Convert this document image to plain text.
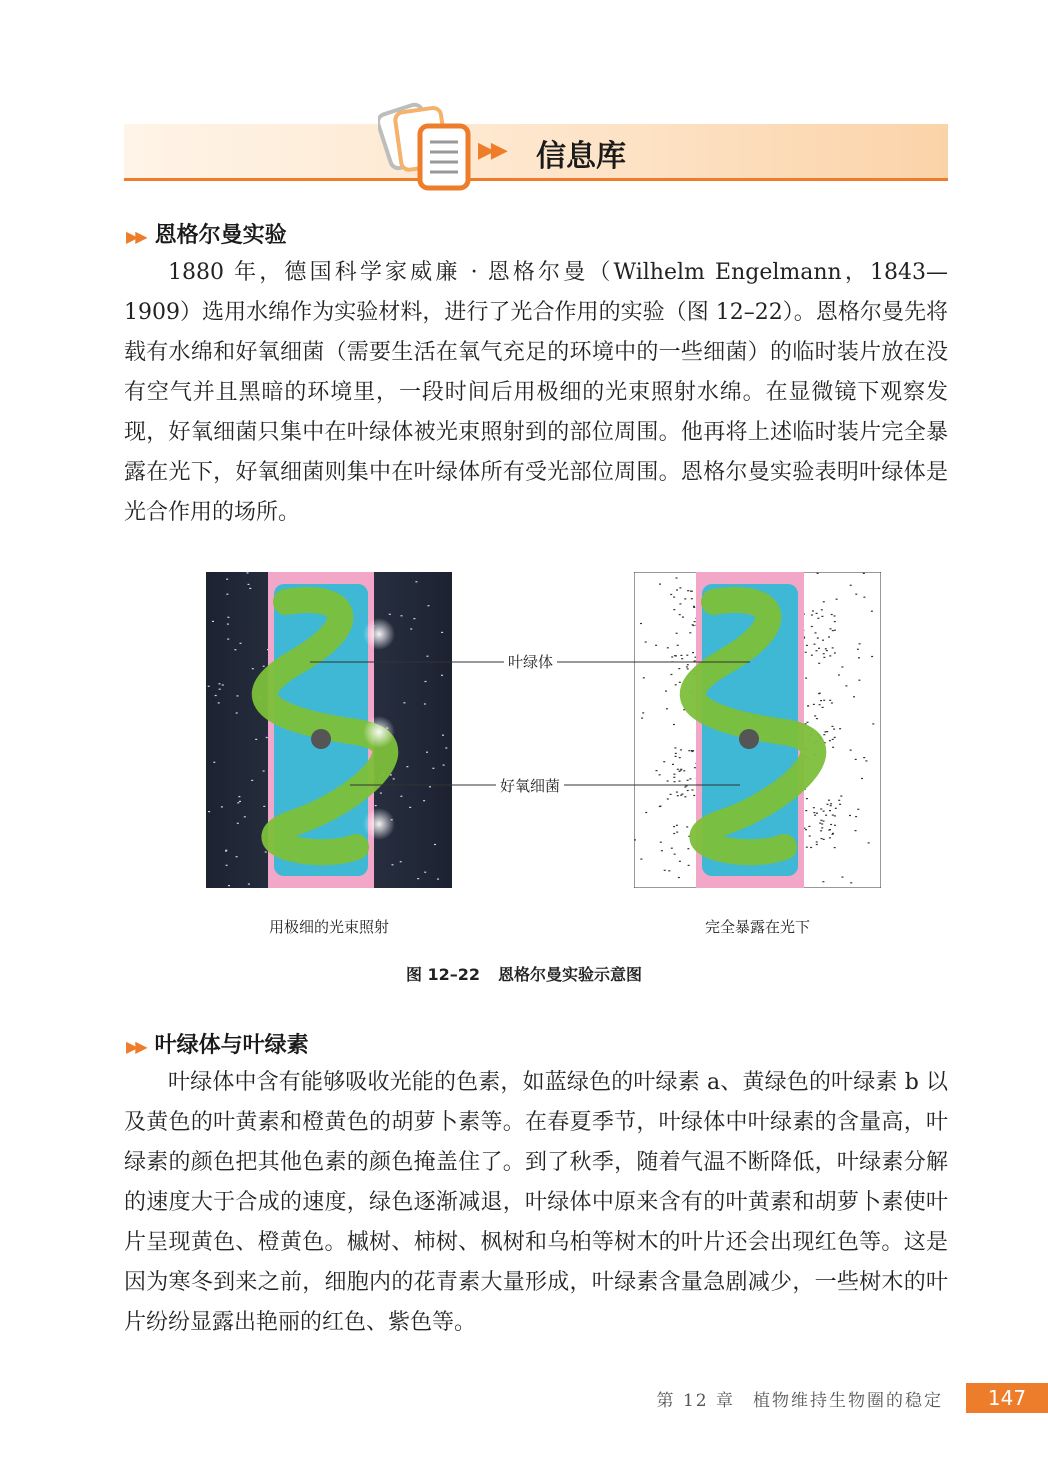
▶▶ 信息库
▶▶ 恩格尔曼实验

1880 年，德国科学家威廉 · 恩格尔曼（Wilhelm Engelmann，1843—1909）选用水绵作为实验材料，进行了光合作用的实验（图 12–22）。恩格尔曼先将载有水绵和好氧细菌（需要生活在氧气充足的环境中的一些细菌）的临时装片放在没有空气并且黑暗的环境里，一段时间后用极细的光束照射水绵。在显微镜下观察发现，好氧细菌只集中在叶绿体被光束照射到的部位周围。他再将上述临时装片完全暴露在光下，好氧细菌则集中在叶绿体所有受光部位周围。恩格尔曼实验表明叶绿体是光合作用的场所。

叶绿体
好氧细菌
用极细的光束照射	完全暴露在光下
图 12–22 恩格尔曼实验示意图
▶▶ 叶绿体与叶绿素

叶绿体中含有能够吸收光能的色素，如蓝绿色的叶绿素 a、黄绿色的叶绿素 b 以及黄色的叶黄素和橙黄色的胡萝卜素等。在春夏季节，叶绿体中叶绿素的含量高，叶绿素的颜色把其他色素的颜色掩盖住了。到了秋季，随着气温不断降低，叶绿素分解的速度大于合成的速度，绿色逐渐减退，叶绿体中原来含有的叶黄素和胡萝卜素使叶片呈现黄色、橙黄色。槭树、柿树、枫树和乌桕等树木的叶片还会出现红色等。这是因为寒冬到来之前，细胞内的花青素大量形成，叶绿素含量急剧减少，一些树木的叶片纷纷显露出艳丽的红色、紫色等。

第 12 章 植物维持生物圈的稳定	147
